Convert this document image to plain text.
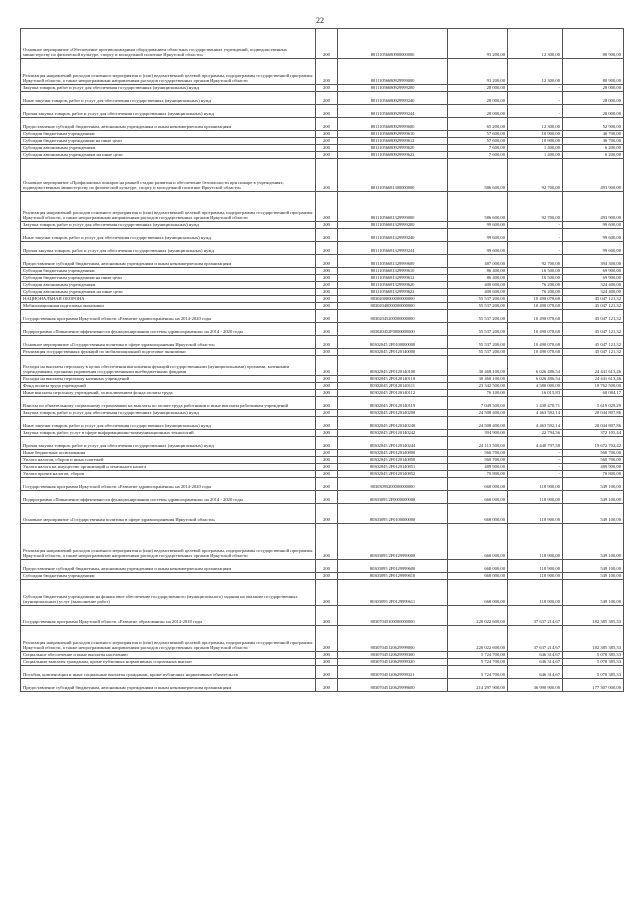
22
Основное мероприятие «Обеспечение противопожарным оборудованием областных государственных учреждений, подведомственных министерству по физической культуре, спорту и молодежной политике Иркутской области»	200	80111056680900000000	93 200,00	12 300,00	80 900,00
Реализация направлений расходов основного мероприятия и (или) ведомственной целевой программы, подпрограммы государственной программы Иркутской области, а также непрограммным направлениям расходов государственных органов Иркутской области	200	80111056680929999000	93 200,00	12 300,00	80 900,00
Закупка товаров, работ и услуг для обеспечения государственных (муниципальных) нужд	200	80111056680929999200	28 000,00	-	28 000,00
Иные закупки товаров, работ и услуг для обеспечения государственных (муниципальных) нужд	200	80111056680929999240	28 000,00	-	28 000,00
Прочая закупка товаров, работ и услуг для обеспечения государственных (муниципальных) нужд	200	80111056680929999244	28 000,00	-	28 000,00
Предоставление субсидий бюджетным, автономным учреждениям и иным некоммерческим организациям	200	80111056680929999600	65 200,00	12 300,00	52 900,00
Субсидии бюджетным учреждениям	200	80111056680929999610	57 600,00	10 900,00	46 700,00
Субсидии бюджетным учреждениям на иные цели	200	80111056680929999612	57 600,00	10 900,00	46 700,00
Субсидии автономным учреждениям	200	80111056680929999620	7 600,00	1 400,00	6 200,00
Субсидии автономным учреждениям на иные цели	200	80111056680929999622	7 600,00	1 400,00	6 200,00
Основное мероприятие «Профилактика пожаров на ранней стадии развития и обеспечение безопасности при пожаре в учреждениях, подведомственных министерству по физической культуре, спорту и молодежной политике Иркутской области»	200	80111056681300000000	586 600,00	92 700,00	493 900,00
Реализация направлений расходов основного мероприятия и (или) ведомственной целевой программы, подпрограммы государственной программы Иркутской области, а также непрограммным направлениям расходов государственных органов Иркутской области	200	80111056681329999000	586 600,00	92 700,00	493 900,00
Закупка товаров, работ и услуг для обеспечения государственных (муниципальных) нужд	200	80111056681329999200	99 600,00	-	99 600,00
Иные закупки товаров, работ и услуг для обеспечения государственных (муниципальных) нужд	200	80111056681329999240	99 600,00	-	99 600,00
Прочая закупка товаров, работ и услуг для обеспечения государственных (муниципальных) нужд	200	80111056681329999244	99 600,00	-	99 600,00
Предоставление субсидий бюджетным, автономным учреждениям и иным некоммерческим организациям	200	80111056681329999600	487 000,00	92 700,00	394 300,00
Субсидии бюджетным учреждениям	200	80111056681329999610	86 400,00	16 500,00	69 900,00
Субсидии бюджетным учреждениям на иные цели	200	80111056681329999612	86 400,00	16 500,00	69 900,00
Субсидии автономным учреждениям	200	80111056681329999620	400 600,00	76 200,00	324 400,00
Субсидии автономным учреждениям на иные цели	200	80111056681329999622	400 600,00	76 200,00	324 400,00
НАЦИОНАЛЬНАЯ ОБОРОНА	200	80302000000000000000	55 537 200,00	10 490 078,68	45 047 121,32
Мобилизационная подготовка экономики	200	80302040000000000000	55 537 200,00	10 490 078,68	45 047 121,32
Государственная программа Иркутской области «Развитие здравоохранения» на 2014-2020 годы	200	80302045200000000000	55 537 200,00	10 490 078,68	45 047 121,32
Подпрограмма «Повышение эффективности функционирования системы здравоохранения» на 2014 - 2020 годы	200	803020452F0000000000	55 537 200,00	10 490 078,68	45 047 121,32
Основное мероприятие «Государственная политика в сфере здравоохранения Иркутской области»	200	80302045 2F0100000000	55 537 200,00	10 490 078,68	45 047 121,32
Реализация государственных функций по мобилизационной подготовке экономики	200	80302045 2F0120140000	55 537 200,00	10 490 078,68	45 047 121,32
Расходы на выплаты персоналу в целях обеспечения выполнения функций государственными (муниципальными) органами, казенными учреждениями, органами управления государственными внебюджетными фондами	200	80302045 2F0120140100	30 468 100,00	6 026 486,54	24 441 613,46
Расходы на выплаты персоналу казенных учреждений	200	80302045 2F0120140110	30 468 100,00	6 026 486,54	24 441 613,46
Фонд оплаты труда учреждений	200	80302045 2F0120140111	23 342 500,00	4 580 000,00	18 762 500,00
Иные выплаты персоналу учреждений, за исключением фонда оплаты труда	200	80302045 2F0120140112	76 100,00	16 015,83	60 084,17
Взносы по обязательному социальному страхованию на выплаты по оплате труда работников и иные выплаты работникам учреждений	200	80302045 2F0120140119	7 049 500,00	1 430 470,71	5 619 029,29
Закупка товаров, работ и услуг для обеспечения государственных (муниципальных) нужд	200	80302045 2F0120140200	24 508 400,00	4 463 592,14	20 044 807,86
Иные закупки товаров, работ и услуг для обеспечения государственных (муниципальных) нужд	200	80302045 2F0120140240	24 508 400,00	4 463 592,14	20 044 807,86
Закупка товаров, работ, услуг в сфере информационно-коммуникационных технологий	200	80302045 2F0120140242	394 900,00	22 794,56	372 105,44
Прочая закупка товаров, работ и услуг для обеспечения государственных (муниципальных) нужд	200	80302045 2F0120140244	24 113 500,00	4 440 797,58	19 672 702,42
Иные бюджетные ассигнования	200	80302045 2F0120140800	560 700,00	-	560 700,00
Уплата налогов, сборов и иных платежей	200	80302045 2F0120140850	560 700,00	-	560 700,00
Уплата налога на имущество организаций и земельного налога	200	80302045 2F0120140851	489 900,00	-	489 900,00
Уплата прочих налогов, сборов	200	80302045 2F0120140852	70 800,00	-	70 800,00
Государственная программа Иркутской области «Развитие здравоохранения» на 2014-2020 годы	200	80303095200000000000	668 000,00	118 900,00	549 100,00
Подпрограмма «Повышение эффективности функционирования системы здравоохранения» на 2014 - 2020 годы	200	80303095 2F0000000000	668 000,00	118 900,00	549 100,00
Основное мероприятие «Государственная политика в сфере здравоохранения Иркутской области»	200	80303095 2F0100000000	668 000,00	118 900,00	549 100,00
Реализация направлений расходов основного мероприятия и (или) ведомственной целевой программы, подпрограммы государственной программы Иркутской области, а также непрограммным направлениям расходов государственных органов Иркутской области	200	80303095 2F0129999000	668 000,00	118 900,00	549 100,00
Предоставление субсидий бюджетным, автономным учреждениям и иным некоммерческим организациям	200	80303095 2F0129999600	668 000,00	118 900,00	549 100,00
Субсидии бюджетным учреждениям	200	80303095 2F0129999610	668 000,00	118 900,00	549 100,00
Субсидии бюджетным учреждениям на финансовое обеспечение государственного (муниципального) задания на оказание государственных (муниципальных) услуг (выполнение работ)	200	80303095 2F0129999611	668 000,00	118 900,00	549 100,00
Государственная программа Иркутской области «Развитие образования» на 2014-2018 годы	200	80307045100000000000	220 022 600,00	37 637 214,67	182 385 385,33
Реализация направлений расходов основного мероприятия и (или) ведомственной целевой программы, подпрограммы государственной программы Иркутской области, а также непрограммным направлениям расходов государственных органов Иркутской области	200	80307045120629999000	220 022 600,00	37 637 214,67	182 385 385,33
Социальное обеспечение и иные выплаты населению	200	80307045120629999300	5 724 700,00	646 314,67	5 078 385,33
Социальные выплаты гражданам, кроме публичных нормативных социальных выплат	200	80307045120629999320	5 724 700,00	646 314,67	5 078 385,33
Пособия, компенсации и иные социальные выплаты гражданам, кроме публичных нормативных обязательств	200	80307045120629999321	5 724 700,00	646 314,67	5 078 385,33
Предоставление субсидий бюджетным, автономным учреждениям и иным некоммерческим организациям	200	80307045120629999600	214 297 900,00	36 990 900,00	177 307 000,00
